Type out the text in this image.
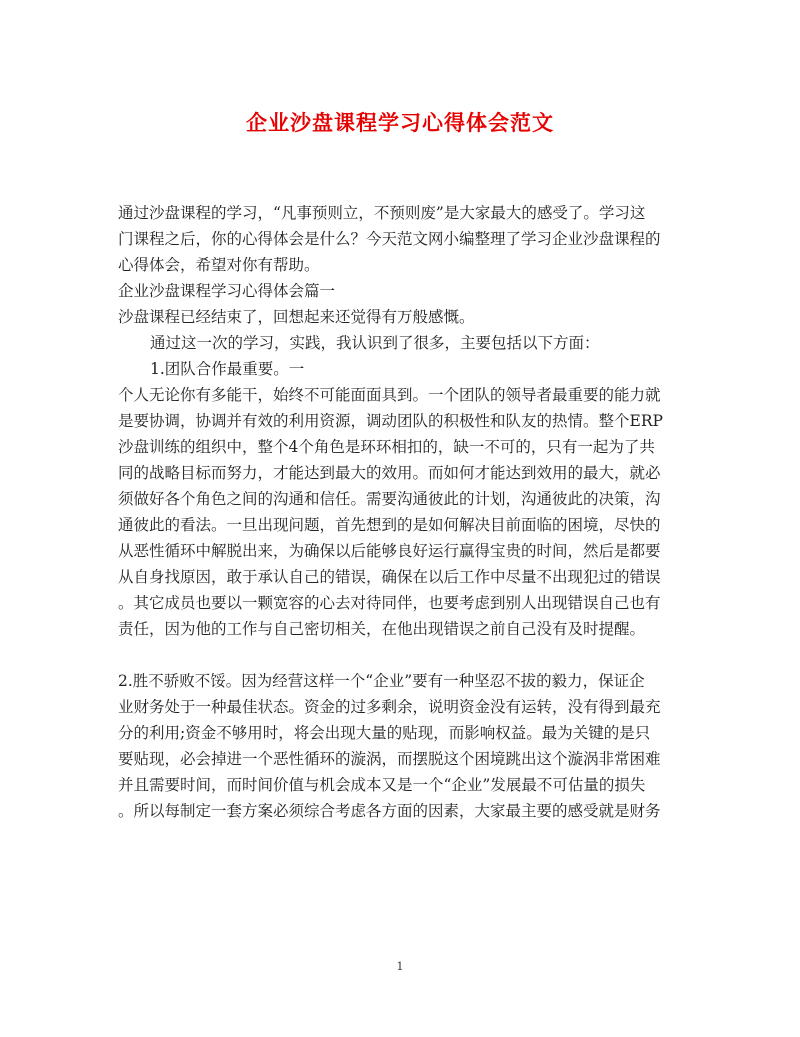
企业沙盘课程学习心得体会范文
通过沙盘课程的学习，“凡事预则立，不预则废”是大家最大的感受了。学习这
门课程之后，你的心得体会是什么？今天范文网小编整理了学习企业沙盘课程的
心得体会，希望对你有帮助。
企业沙盘课程学习心得体会篇一
沙盘课程已经结束了，回想起来还觉得有万般感慨。
通过这一次的学习，实践，我认识到了很多，主要包括以下方面：
1.团队合作最重要。一
个人无论你有多能干，始终不可能面面具到。一个团队的领导者最重要的能力就
是要协调，协调并有效的利用资源，调动团队的积极性和队友的热情。整个ERP
沙盘训练的组织中，整个4个角色是环环相扣的，缺一不可的，只有一起为了共
同的战略目标而努力，才能达到最大的效用。而如何才能达到效用的最大，就必
须做好各个角色之间的沟通和信任。需要沟通彼此的计划，沟通彼此的决策，沟
通彼此的看法。一旦出现问题，首先想到的是如何解决目前面临的困境，尽快的
从恶性循环中解脱出来，为确保以后能够良好运行赢得宝贵的时间，然后是都要
从自身找原因，敢于承认自己的错误，确保在以后工作中尽量不出现犯过的错误
。其它成员也要以一颗宽容的心去对待同伴，也要考虑到别人出现错误自己也有
责任，因为他的工作与自己密切相关，在他出现错误之前自己没有及时提醒。
2.胜不骄败不馁。因为经营这样一个“企业”要有一种坚忍不拔的毅力，保证企
业财务处于一种最佳状态。资金的过多剩余，说明资金没有运转，没有得到最充
分的利用;资金不够用时，将会出现大量的贴现，而影响权益。最为关键的是只
要贴现，必会掉进一个恶性循环的漩涡，而摆脱这个困境跳出这个漩涡非常困难
并且需要时间，而时间价值与机会成本又是一个“企业”发展最不可估量的损失
。所以每制定一套方案必须综合考虑各方面的因素，大家最主要的感受就是财务
1
